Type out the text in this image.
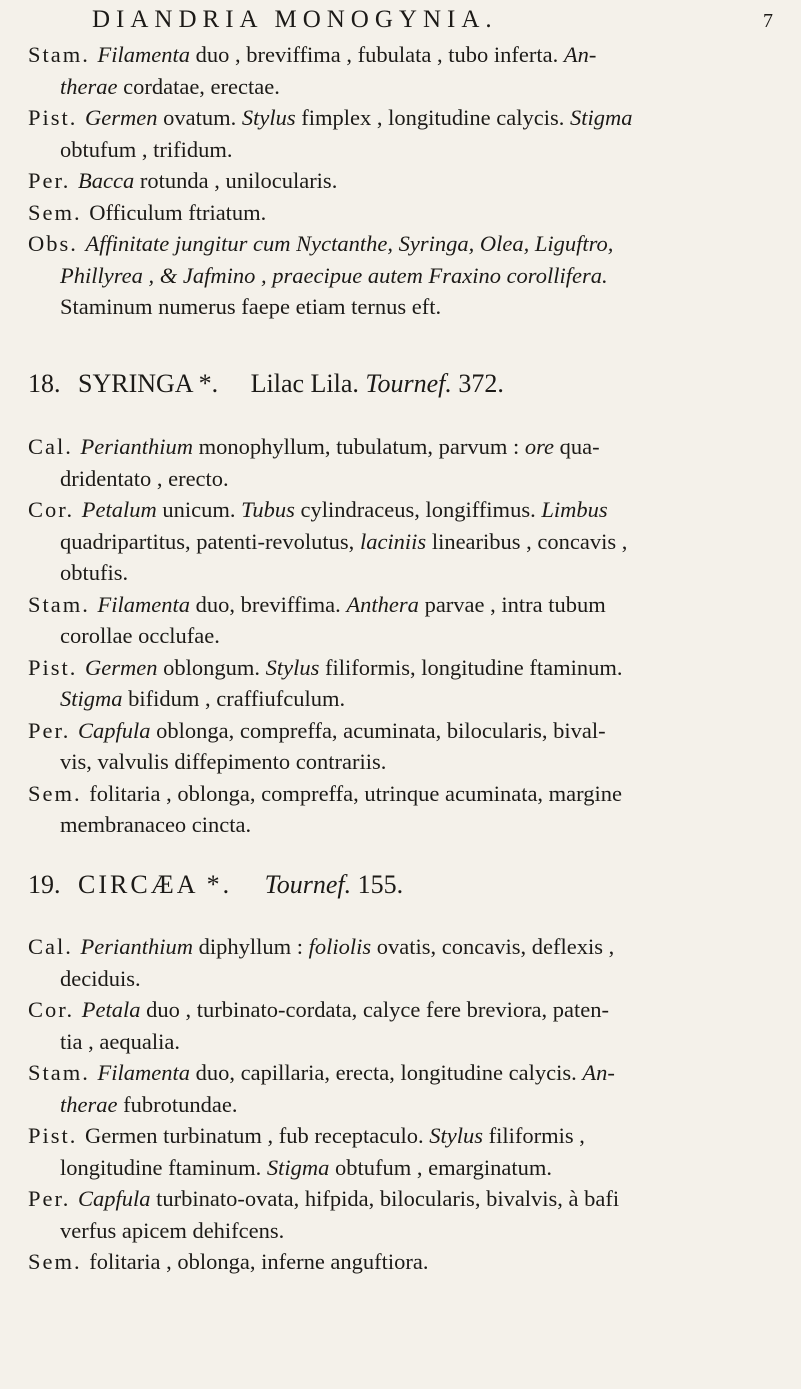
DIANDRIA MONOGYNIA.	7
Stam. Filamenta duo , breviffima , fubulata , tubo inferta. An-
therae cordatae, erectae.
Pist. Germen ovatum. Stylus fimplex , longitudine calycis. Stigma
obtufum , trifidum.
Per. Bacca rotunda , unilocularis.
Sem. Officulum ftriatum.
Obs. Affinitate jungitur cum Nyctanthe, Syringa, Olea, Liguftro,
Phillyrea , & Jafmino , praecipue autem Fraxino corollifera.
Staminum numerus faepe etiam ternus eft.
18. SYRINGA *. Lilac Lila. Tournef. 372.
Cal. Perianthium monophyllum, tubulatum, parvum : ore qua-
dridentato , erecto.
Cor. Petalum unicum. Tubus cylindraceus, longiffimus. Limbus
quadripartitus, patenti-revolutus, laciniis linearibus , concavis ,
obtufis.
Stam. Filamenta duo, breviffima. Anthera parvae , intra tubum
corollae occlufae.
Pist. Germen oblongum. Stylus filiformis, longitudine ftaminum.
Stigma bifidum , craffiufculum.
Per. Capfula oblonga, compreffa, acuminata, bilocularis, bival-
vis, valvulis diffepimento contrariis.
Sem. folitaria , oblonga, compreffa, utrinque acuminata, margine
membranaceo cincta.
19. CIRCÆA *. Tournef. 155.
Cal. Perianthium diphyllum : foliolis ovatis, concavis, deflexis ,
deciduis.
Cor. Petala duo , turbinato-cordata, calyce fere breviora, paten-
tia , aequalia.
Stam. Filamenta duo, capillaria, erecta, longitudine calycis. An-
therae fubrotundae.
Pist. Germen turbinatum , fub receptaculo. Stylus filiformis ,
longitudine ftaminum. Stigma obtufum , emarginatum.
Per. Capfula turbinato-ovata, hifpida, bilocularis, bivalvis, à bafi
verfus apicem dehifcens.
Sem. folitaria , oblonga, inferne anguftiora.
